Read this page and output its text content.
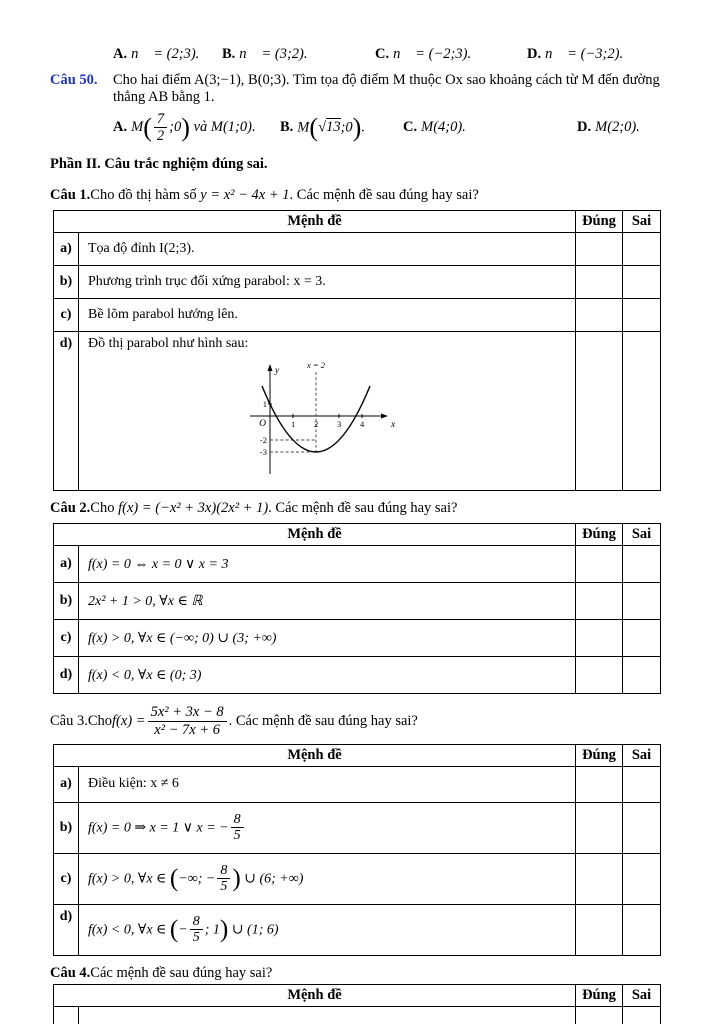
A. n⃗ = (2;3).	B. n⃗ = (3;2).	C. n⃗ = (−2;3).	D. n⃗ = (−3;2).
Câu 50.	Cho hai điểm A(3;−1), B(0;3). Tìm tọa độ điểm M thuộc Ox sao khoảng cách từ M đến đường thẳng AB bằng 1.
A. $M( \frac{7}{2}$ ;0) và M(1;0).	B. M(√13;0).	C. M(4;0).	D. M(2;0).
Phần II. Câu trắc nghiệm đúng sai.
Câu 1.Cho đồ thị hàm số y = x² − 4x + 1. Các mệnh đề sau đúng hay sai?
Mệnh đề		Đúng	Sai
a)	Tọa độ đỉnh I(2;3).		
b)	Phương trình trục đối xứng parabol: x = 3.		
c)	Bề lõm parabol hướng lên.		
d)	Đồ thị parabol như hình sau:
1 2 3 4
1
-2
-3
x = 2
y
x
O

Câu 2.Cho f(x) = (−x² + 3x)(2x² + 1). Các mệnh đề sau đúng hay sai?
Mệnh đề		Đúng	Sai
a)	f(x) = 0 ⇔ x = 0 ∨ x = 3		
b)	2x² + 1 > 0, ∀x ∈ ℝ		
c)	f(x) > 0, ∀x ∈ (−∞; 0) ∪ (3; +∞)		
d)	f(x) < 0, ∀x ∈ (0; 3)		
Câu 3. Cho $f(x) = \frac{\text{5x² + 3x − 8}}{\text{x² − 7x + 6}}$ . Các mệnh đề sau đúng hay sai?
Mệnh đề		Đúng	Sai
a)	Điều kiện: x ≠ 6		
b)	f(x) = 0 ⇒ x = 1 ∨ x = − $\frac{8}{5}$

c)	f(x) > 0, ∀x ∈ (−∞; − $\frac{8}{5}$ ) ∪ (6; +∞)		
d)	f(x) < 0, ∀x ∈ (− $\frac{8}{5}$ ; 1) ∪ (1; 6)		
Câu 4.Các mệnh đề sau đúng hay sai?
Mệnh đề		Đúng	Sai
